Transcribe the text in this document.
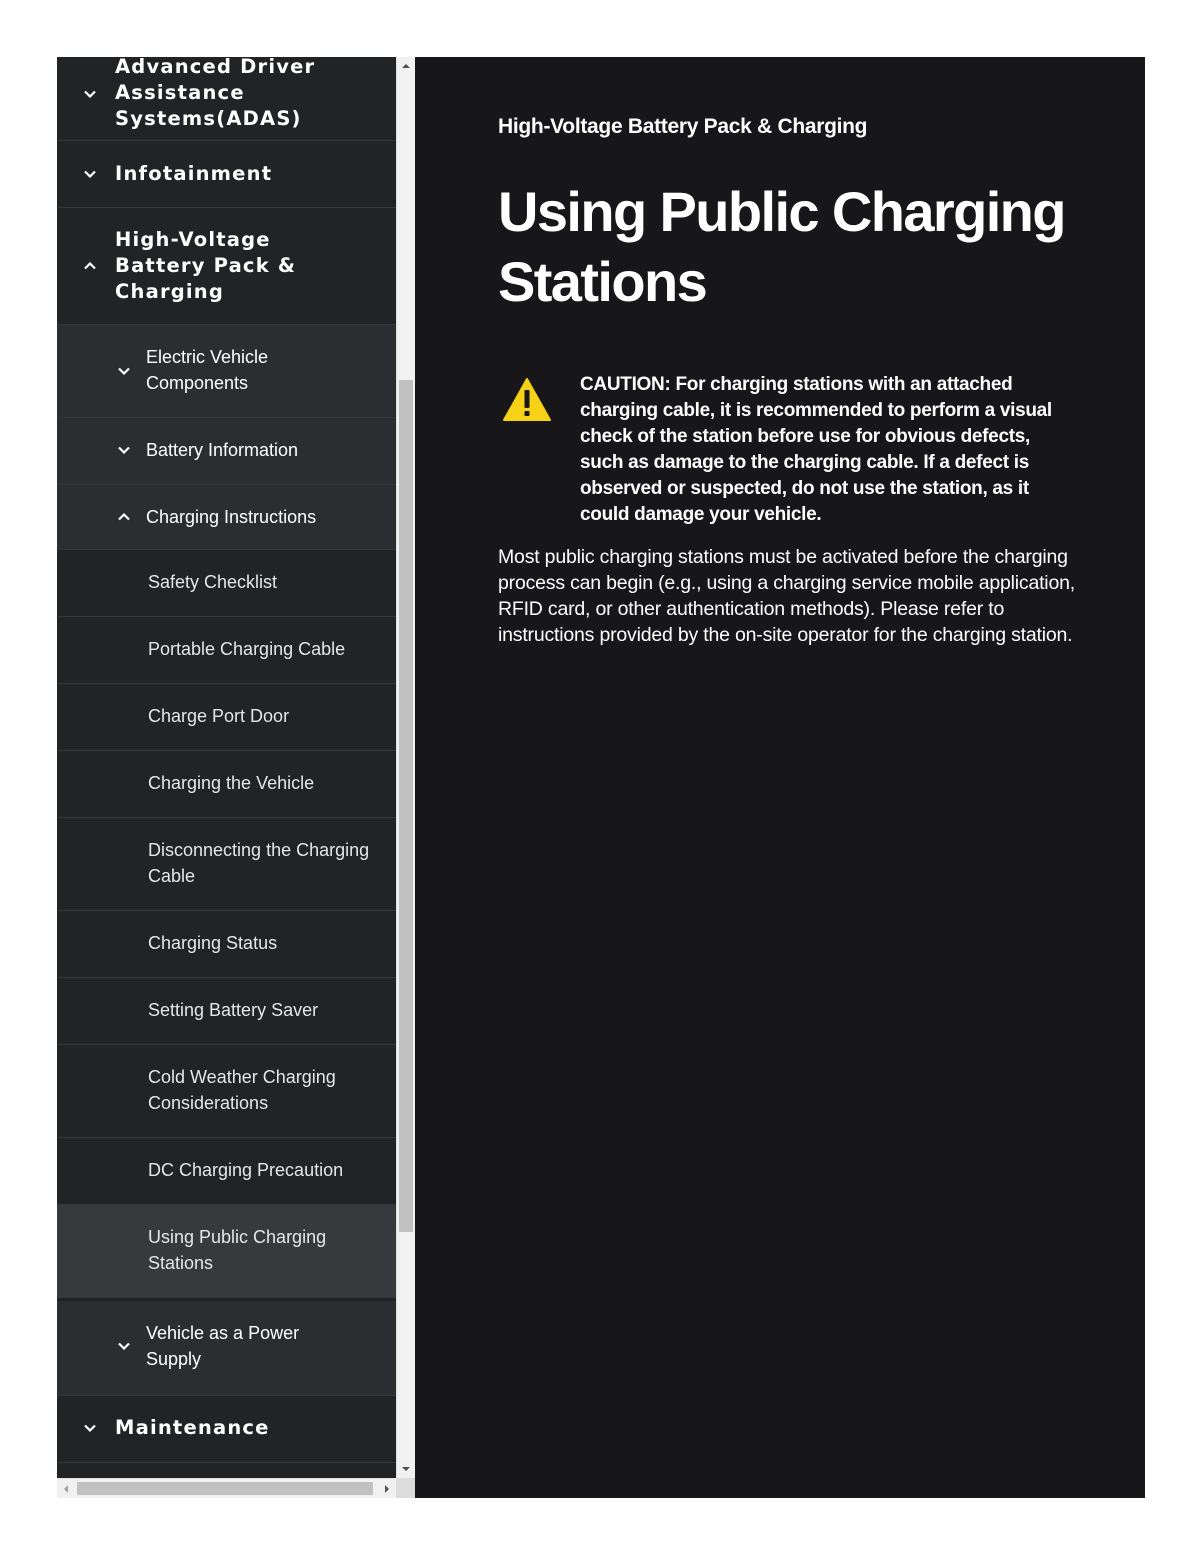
Advanced Driver Assistance Systems(ADAS)
Infotainment
High-Voltage Battery Pack & Charging
Electric Vehicle Components
Battery Information
Charging Instructions
Safety Checklist
Portable Charging Cable
Charge Port Door
Charging the Vehicle
Disconnecting the Charging Cable
Charging Status
Setting Battery Saver
Cold Weather Charging Considerations
DC Charging Precaution
Using Public Charging Stations
Vehicle as a Power Supply
Maintenance
High-Voltage Battery Pack & Charging
Using Public Charging Stations

CAUTION: For charging stations with an attached charging cable, it is recommended to perform a visual check of the station before use for obvious defects, such as damage to the charging cable. If a defect is observed or suspected, do not use the station, as it could damage your vehicle.

Most public charging stations must be activated before the charging process can begin (e.g., using a charging service mobile application, RFID card, or other authentication methods). Please refer to instructions provided by the on-site operator for the charging station.
